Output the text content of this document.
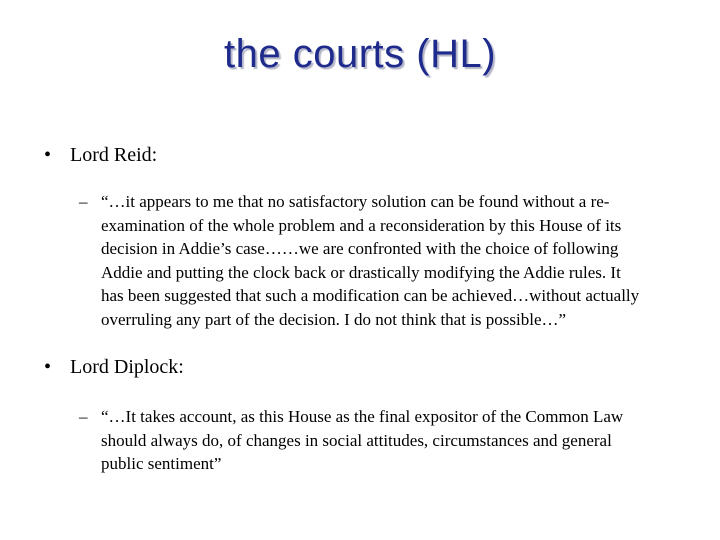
the courts (HL)
• Lord Reid:
– “…it appears to me that no satisfactory solution can be found without a re-
examination of the whole problem and a reconsideration by this House of its
decision in Addie’s case……we are confronted with the choice of following
Addie and putting the clock back or drastically modifying the Addie rules. It
has been suggested that such a modification can be achieved…without actually
overruling any part of the decision. I do not think that is possible…”
• Lord Diplock:
– “…It takes account, as this House as the final expositor of the Common Law
should always do, of changes in social attitudes, circumstances and general
public sentiment”
